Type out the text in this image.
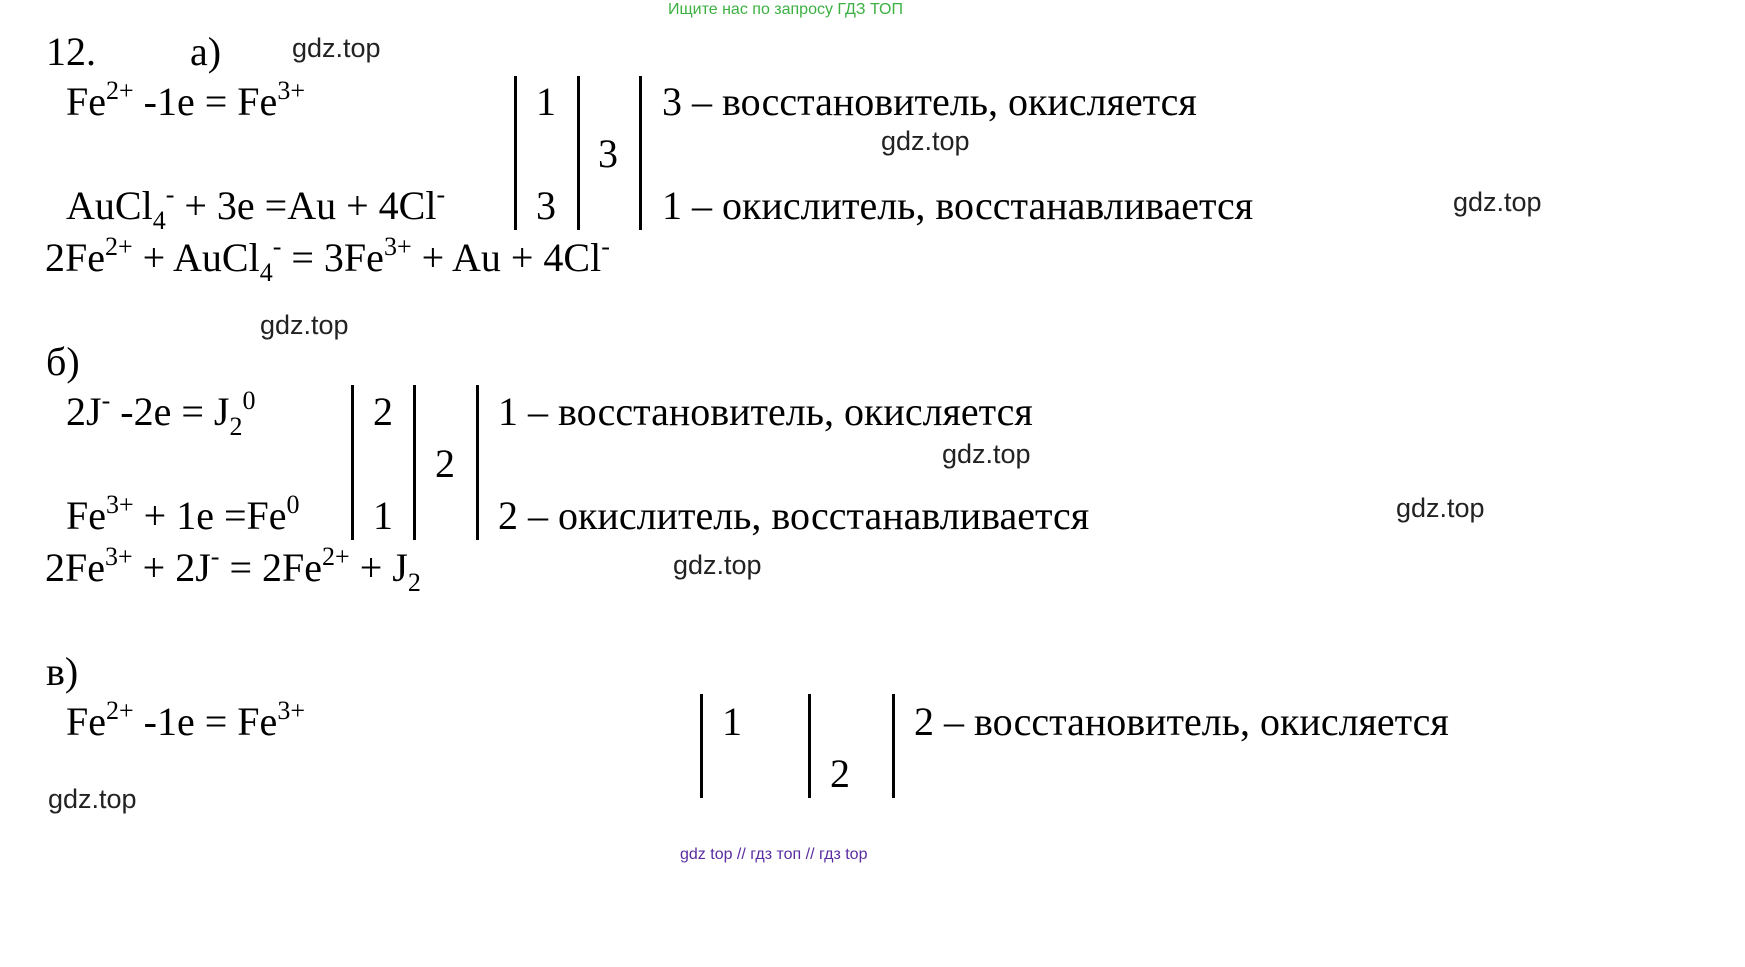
Ищите нас по запросу ГДЗ ТОП
12. а)
$Fe^{2+}$ $-1e = Fe^{3+}$
AuCl$_4$- + 3e =Au + 4Cl-
1
3
3
3 – восстановитель, окисляется
1 – окислитель, восстанавливается
$2Fe^{2+}$ + AuCl$_4$- = $3Fe^{3+} + Au + 4Cl^-$
б)
2J- $-2e = J_2^0$
$Fe^{3+} + 1e =Fe^0$
2
1
2
1 – восстановитель, окисляется
2 – окислитель, восстанавливается
$2Fe^{3+} + 2J^- = 2Fe^{2+} + J_2$
в)
$Fe^{2+}$ $-1e = Fe^{3+}$	1
2
2 – восстановитель, окисляется
gdz.top
gdz.top
gdz.top
gdz.top
gdz.top
gdz.top
gdz.top
gdz.top
gdz top // гдз топ // гдз top
